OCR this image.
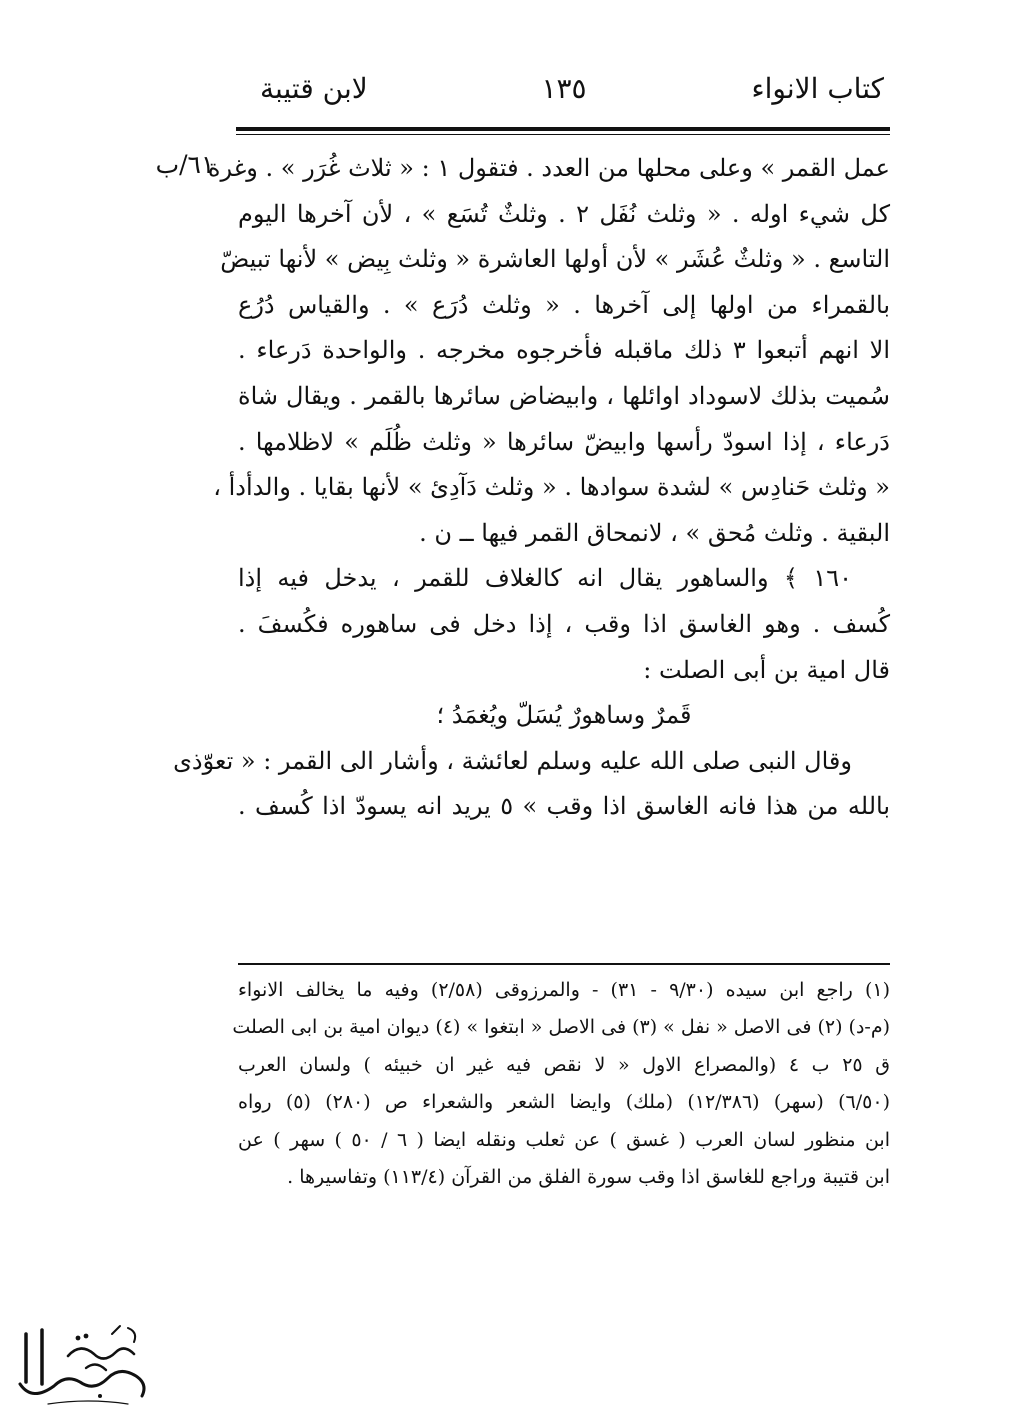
كتاب الانواء
١٣٥
لابن قتيبة
٦١/ب
عمل القمر » وعلى محلها من العدد . فتقول ١ : « ثلاث غُرَر » . وغرة
كل شيء اوله . « وثلث نُفَل ٢ . وثلثٌ تُسَع » ، لأن آخرها اليوم
التاسع . « وثلثٌ عُشَر » لأن أولها العاشرة « وثلث بِيض » لأنها تبيضّ
بالقمراء من اولها إلى آخرها . « وثلث دُرَع » . والقياس دُرُع
الا انهم أتبعوا ٣ ذلك ماقبله فأخرجوه مخرجه . والواحدة دَرعاء .
سُميت بذلك لاسوداد اوائلها ، وابيضاض سائرها بالقمر . ويقال شاة
دَرعاء ، إذا اسودّ رأسها وابيضّ سائرها « وثلث ظُلَم » لاظلامها .
« وثلث حَنادِس » لشدة سوادها . « وثلث دَآدِئ » لأنها بقايا . والدأدأ ،
البقية . وثلث مُحق » ، لانمحاق القمر فيها ــ ن .
١٦٠ ﴾ والساهور يقال انه كالغلاف للقمر ، يدخل فيه إذا
كُسف . وهو الغاسق اذا وقب ، إذا دخل فى ساهوره فكُسفَ .
قال امية بن أبى الصلت :
قَمرٌ وساهورٌ يُسَلّ ويُغمَدُ ؛
وقال النبى صلى الله عليه وسلم لعائشة ، وأشار الى القمر : « تعوّذى
بالله من هذا فانه الغاسق اذا وقب » ٥ يريد انه يسودّ اذا كُسف .
(١) راجع ابن سيده (٩/٣٠ - ٣١) - والمرزوقى (٢/٥٨) وفيه ما يخالف الانواء
(م-د) (٢) فى الاصل « نفل » (٣) فى الاصل « ابتغوا » (٤) ديوان امية بن ابى الصلت
ق ٢٥ ب ٤ (والمصراع الاول « لا نقص فيه غير ان خبيئه ) ولسان العرب
(٦/٥٠) (سهر) (١٢/٣٨٦) (ملك) وايضا الشعر والشعراء ص (٢٨٠) (٥) رواه
ابن منظور لسان العرب ( غسق ) عن ثعلب ونقله ايضا ( ٦ / ٥٠ ) سهر ) عن
ابن قتيبة وراجع للغاسق اذا وقب سورة الفلق من القرآن (١١٣/٤) وتفاسيرها .
